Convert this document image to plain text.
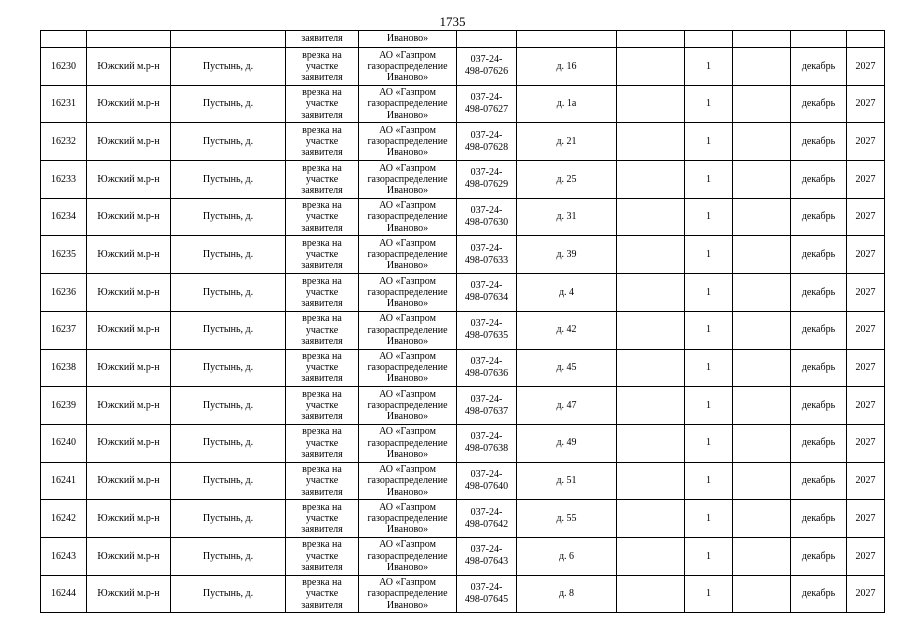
1735
			заявителя	Иваново»							
16230	Южский м.р-н	Пустынь, д.	врезка на
участке
заявителя	АО «Газпром
газораспределение
Иваново»	037-24-
498-07626	д. 16		1		декабрь	2027
16231	Южский м.р-н	Пустынь, д.	врезка на
участке
заявителя	АО «Газпром
газораспределение
Иваново»	037-24-
498-07627	д. 1а		1		декабрь	2027
16232	Южский м.р-н	Пустынь, д.	врезка на
участке
заявителя	АО «Газпром
газораспределение
Иваново»	037-24-
498-07628	д. 21		1		декабрь	2027
16233	Южский м.р-н	Пустынь, д.	врезка на
участке
заявителя	АО «Газпром
газораспределение
Иваново»	037-24-
498-07629	д. 25		1		декабрь	2027
16234	Южский м.р-н	Пустынь, д.	врезка на
участке
заявителя	АО «Газпром
газораспределение
Иваново»	037-24-
498-07630	д. 31		1		декабрь	2027
16235	Южский м.р-н	Пустынь, д.	врезка на
участке
заявителя	АО «Газпром
газораспределение
Иваново»	037-24-
498-07633	д. 39		1		декабрь	2027
16236	Южский м.р-н	Пустынь, д.	врезка на
участке
заявителя	АО «Газпром
газораспределение
Иваново»	037-24-
498-07634	д. 4		1		декабрь	2027
16237	Южский м.р-н	Пустынь, д.	врезка на
участке
заявителя	АО «Газпром
газораспределение
Иваново»	037-24-
498-07635	д. 42		1		декабрь	2027
16238	Южский м.р-н	Пустынь, д.	врезка на
участке
заявителя	АО «Газпром
газораспределение
Иваново»	037-24-
498-07636	д. 45		1		декабрь	2027
16239	Южский м.р-н	Пустынь, д.	врезка на
участке
заявителя	АО «Газпром
газораспределение
Иваново»	037-24-
498-07637	д. 47		1		декабрь	2027
16240	Южский м.р-н	Пустынь, д.	врезка на
участке
заявителя	АО «Газпром
газораспределение
Иваново»	037-24-
498-07638	д. 49		1		декабрь	2027
16241	Южский м.р-н	Пустынь, д.	врезка на
участке
заявителя	АО «Газпром
газораспределение
Иваново»	037-24-
498-07640	д. 51		1		декабрь	2027
16242	Южский м.р-н	Пустынь, д.	врезка на
участке
заявителя	АО «Газпром
газораспределение
Иваново»	037-24-
498-07642	д. 55		1		декабрь	2027
16243	Южский м.р-н	Пустынь, д.	врезка на
участке
заявителя	АО «Газпром
газораспределение
Иваново»	037-24-
498-07643	д. 6		1		декабрь	2027
16244	Южский м.р-н	Пустынь, д.	врезка на
участке
заявителя	АО «Газпром
газораспределение
Иваново»	037-24-
498-07645	д. 8		1		декабрь	2027
